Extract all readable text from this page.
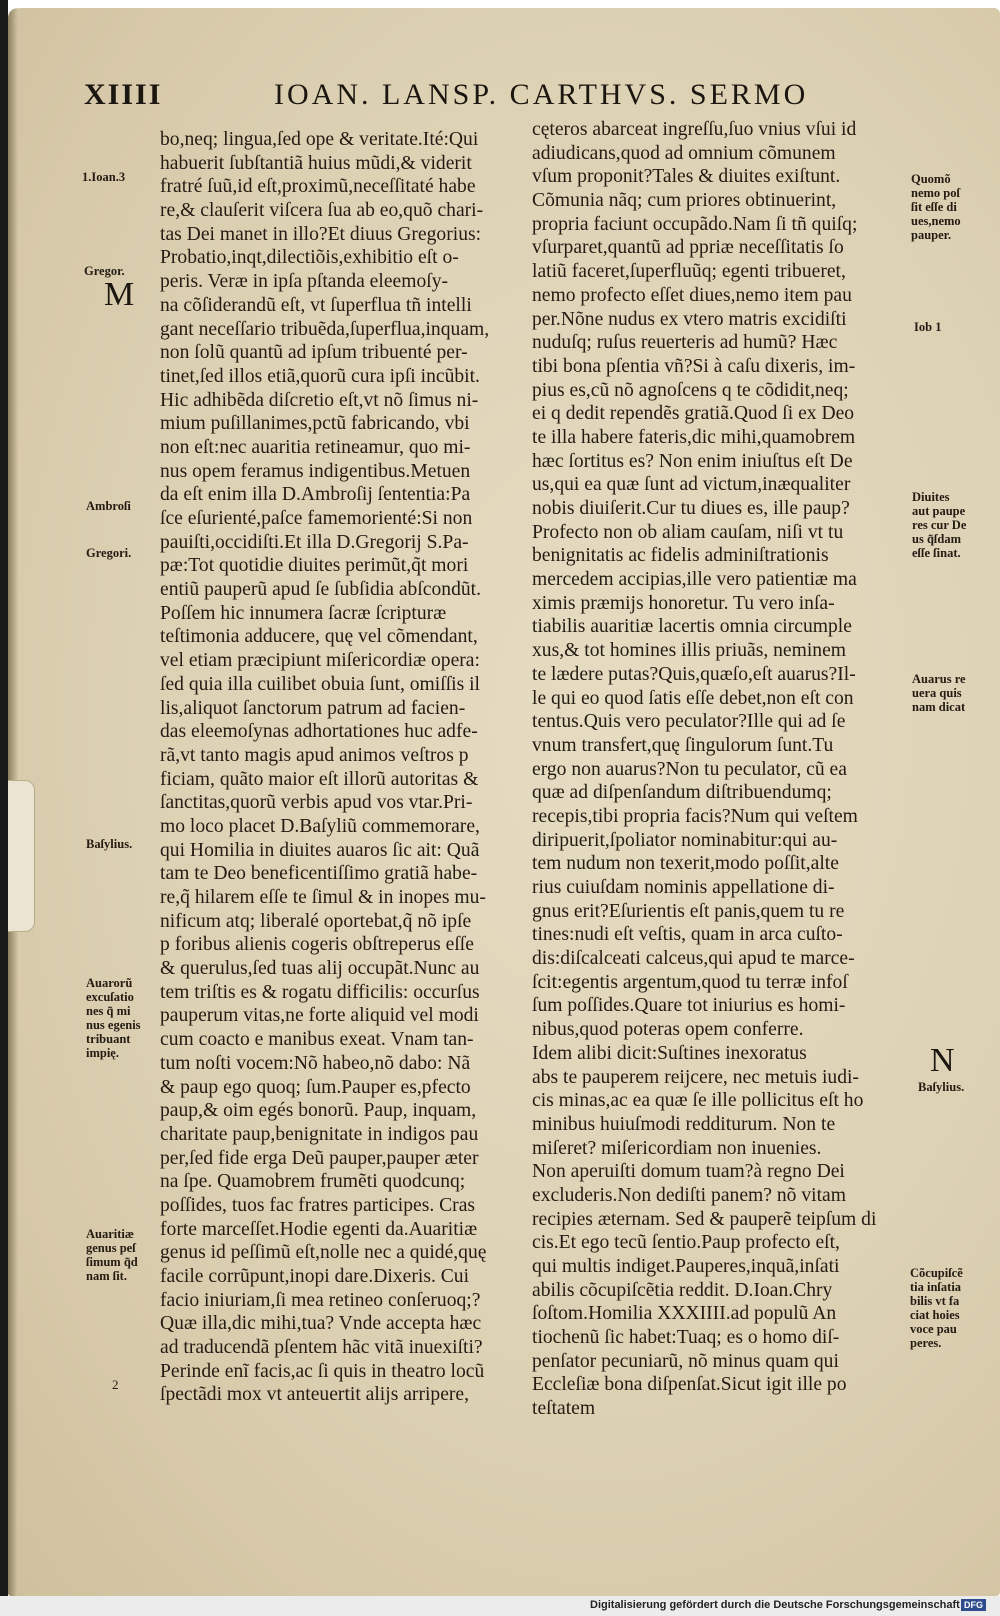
XIIII	IOAN. LANSP. CARTHVS. SERMO
bo,neq; lingua,ſed ope & veritate.Ité:Qui
habuerit ſubſtantiã huius mũdi,& viderit
fratré ſuũ,id eſt,proximũ,neceſſitaté habe
re,& clauſerit viſcera ſua ab eo,quõ chari-
tas Dei manet in illo?Et diuus Gregorius:
Probatio,inqt,dilectiõis,exhibitio eſt o-
peris. Veræ in ipſa pſtanda eleemoſy-
na cõſiderandũ eſt, vt ſuperflua tñ intelli
gant neceſſario tribuẽda,ſuperflua,inquam,
non ſolũ quantũ ad ipſum tribuenté per-
tinet,ſed illos etiã,quorũ cura ipſi incũbit.
Hic adhibẽda diſcretio eſt,vt nõ ſimus ni-
mium puſillanimes,pctũ fabricando, vbi
non eſt:nec auaritia retineamur, quo mi-
nus opem feramus indigentibus.Metuen
da eſt enim illa D.Ambroſij ſententia:Pa
ſce eſurienté,paſce famemorienté:Si non
pauiſti,occidiſti.Et illa D.Gregorij S.Pa-
pæ:Tot quotidie diuites perimũt,q̃t mori
entiũ pauperũ apud ſe ſubſidia abſcondũt.
Poſſem hic innumera ſacræ ſcripturæ
teſtimonia adducere, quę vel cõmendant,
vel etiam præcipiunt miſericordiæ opera:
ſed quia illa cuilibet obuia ſunt, omiſſis il
lis,aliquot ſanctorum patrum ad facien-
das eleemoſynas adhortationes huc adfe-
rã,vt tanto magis apud animos veſtros p
ficiam, quãto maior eſt illorũ autoritas &
ſanctitas,quorũ verbis apud vos vtar.Pri-
mo loco placet D.Baſyliũ commemorare,
qui Homilia in diuites auaros ſic ait: Quã
tam te Deo beneficentiſſimo gratiã habe-
re,q̃ hilarem eſſe te ſimul & in inopes mu-
nificum atq; liberalé oportebat,q̃ nõ ipſe
p foribus alienis cogeris obſtreperus eſſe
& querulus,ſed tuas alij occupãt.Nunc au
tem triſtis es & rogatu difficilis: occurſus
pauperum vitas,ne forte aliquid vel modi
cum coacto e manibus exeat. Vnam tan-
tum noſti vocem:Nõ habeo,nõ dabo: Nã
& paup ego quoq; ſum.Pauper es,pfecto
paup,& oim egés bonorũ. Paup, inquam,
charitate paup,benignitate in indigos pau
per,ſed fide erga Deũ pauper,pauper æter
na ſpe. Quamobrem frumẽti quodcunq;
poſſides, tuos fac fratres participes. Cras
forte marceſſet.Hodie egenti da.Auaritiæ
genus id peſſimũ eſt,nolle nec a quidé,quę
facile corrũpunt,inopi dare.Dixeris. Cui
facio iniuriam,ſi mea retineo conſeruoq;?
Quæ illa,dic mihi,tua? Vnde accepta hæc
ad traducendã pſentem hãc vitã inuexiſti?
Perinde enĩ facis,ac ſi quis in theatro locũ
ſpectãdi mox vt anteuertit alijs arripere,
cęteros abarceat ingreſſu,ſuo vnius vſui id
adiudicans,quod ad omnium cõmunem
vſum proponit?Tales & diuites exiſtunt.
Cõmunia nãq; cum priores obtinuerint,
propria faciunt occupãdo.Nam ſi tñ quiſq;
vſurparet,quantũ ad ppriæ neceſſitatis ſo
latiũ faceret,ſuperfluũq; egenti tribueret,
nemo profecto eſſet diues,nemo item pau
per.Nõne nudus ex vtero matris excidiſti
nuduſq; ruſus reuerteris ad humũ? Hæc
tibi bona pſentia vñ?Si à caſu dixeris, im-
pius es,cũ nõ agnoſcens q te cõdidit,neq;
ei q dedit rependẽs gratiã.Quod ſi ex Deo
te illa habere fateris,dic mihi,quamobrem
hæc ſortitus es? Non enim iniuſtus eſt De
us,qui ea quæ ſunt ad victum,inæqualiter
nobis diuiſerit.Cur tu diues es, ille paup?
Profecto non ob aliam cauſam, niſi vt tu
benignitatis ac fidelis adminiſtrationis
mercedem accipias,ille vero patientiæ ma
ximis præmijs honoretur. Tu vero inſa-
tiabilis auaritiæ lacertis omnia circumple
xus,& tot homines illis priuãs, neminem
te lædere putas?Quis,quæſo,eſt auarus?Il-
le qui eo quod ſatis eſſe debet,non eſt con
tentus.Quis vero peculator?Ille qui ad ſe
vnum transfert,quę ſingulorum ſunt.Tu
ergo non auarus?Non tu peculator, cũ ea
quæ ad diſpenſandum diſtribuendumq;
recepis,tibi propria facis?Num qui veſtem
diripuerit,ſpoliator nominabitur:qui au-
tem nudum non texerit,modo poſſit,alte
rius cuiuſdam nominis appellatione di-
gnus erit?Eſurientis eſt panis,quem tu re
tines:nudi eſt veſtis, quam in arca cuſto-
dis:diſcalceati calceus,qui apud te marce-
ſcit:egentis argentum,quod tu terræ infoſ
ſum poſſides.Quare tot iniurius es homi-
nibus,quod poteras opem conferre.
Idem alibi dicit:Suſtines inexoratus
abs te pauperem reijcere, nec metuis iudi-
cis minas,ac ea quæ ſe ille pollicitus eſt ho
minibus huiuſmodi redditurum. Non te
miſeret? miſericordiam non inuenies.
Non aperuiſti domum tuam?à regno Dei
excluderis.Non dediſti panem? nõ vitam
recipies æternam. Sed & pauperẽ teipſum di
cis.Et ego tecũ ſentio.Paup profecto eſt,
qui multis indiget.Pauperes,inquã,inſati
abilis cõcupiſcẽtia reddit. D.Ioan.Chry
ſoſtom.Homilia XXXIIII.ad populũ An
tiochenũ ſic habet:Tuaq; es o homo diſ-
penſator pecuniarũ, nõ minus quam qui
Eccleſiæ bona diſpenſat.Sicut igit ille po
teſtatem
1.Ioan.3
Gregor.
M
Ambroſi
Gregori.
Baſylius.
Auarorũ
excuſatio
nes q̃ mi
nus egenis
tribuant
impię.
Auaritiæ
genus peſ
ſimum q̃d
nam ſit.
2
Quomõ
nemo poſ
ſit eſſe di
ues,nemo
pauper.
Iob 1
Diuites
aut paupe
res cur De
us q̃ſdam
eſſe ſinat.
Auarus re
uera quis
nam dicat
N
Baſylius.
Cõcupiſcẽ
tia inſatia
bilis vt fa
ciat hoies
voce pau
peres.
Digitalisierung gefördert durch die Deutsche Forschungsgemeinschaft DFG
